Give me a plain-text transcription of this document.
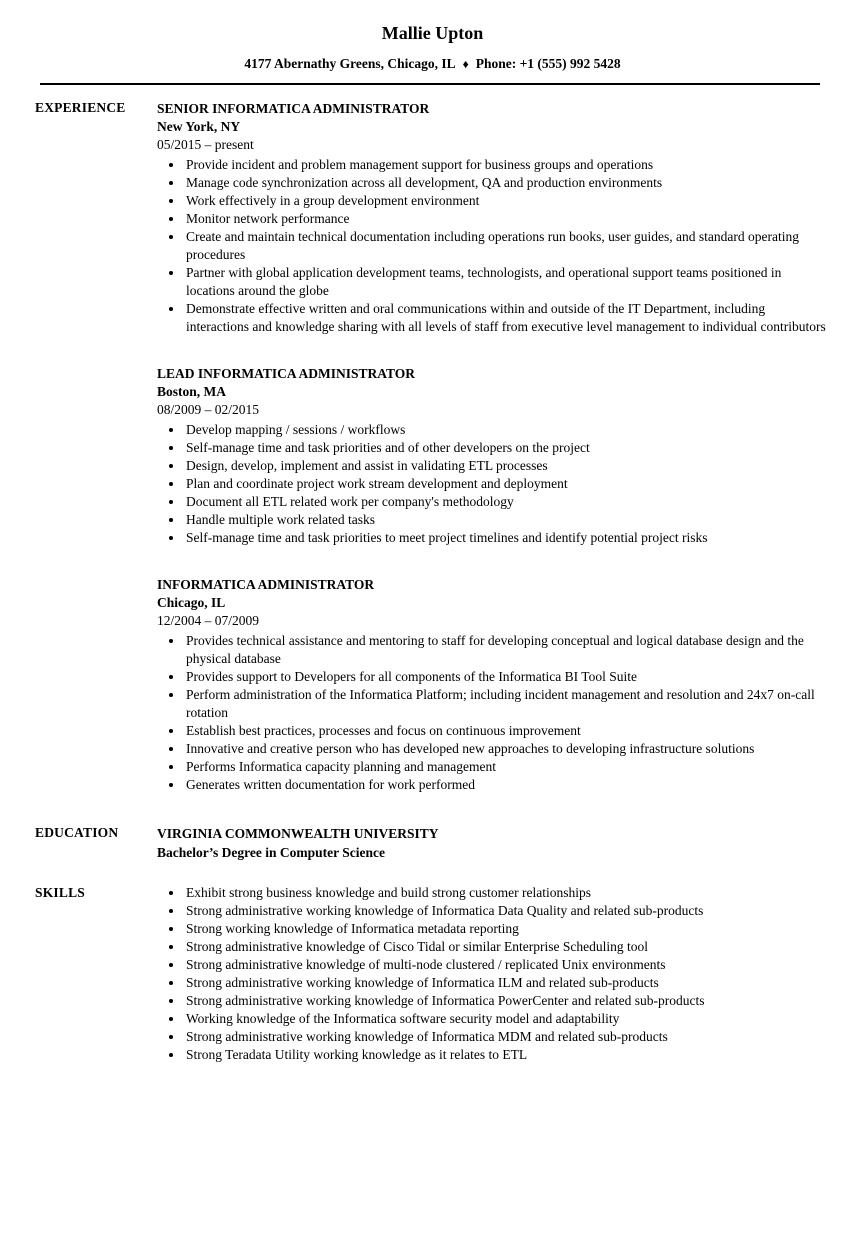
Mallie Upton
4177 Abernathy Greens, Chicago, IL ♦ Phone: +1 (555) 992 5428
EXPERIENCE	SENIOR INFORMATICA ADMINISTRATOR
New York, NY
05/2015 – present
• Provide incident and problem management support for business groups and operations
• Manage code synchronization across all development, QA and production environments
• Work effectively in a group development environment
• Monitor network performance
• Create and maintain technical documentation including operations run books, user guides, and standard operating procedures
• Partner with global application development teams, technologists, and operational support teams positioned in locations around the globe
• Demonstrate effective written and oral communications within and outside of the IT Department, including interactions and knowledge sharing with all levels of staff from executive level management to individual contributors
LEAD INFORMATICA ADMINISTRATOR
Boston, MA
08/2009 – 02/2015
• Develop mapping / sessions / workflows
• Self-manage time and task priorities and of other developers on the project
• Design, develop, implement and assist in validating ETL processes
• Plan and coordinate project work stream development and deployment
• Document all ETL related work per company's methodology
• Handle multiple work related tasks
• Self-manage time and task priorities to meet project timelines and identify potential project risks
INFORMATICA ADMINISTRATOR
Chicago, IL
12/2004 – 07/2009
• Provides technical assistance and mentoring to staff for developing conceptual and logical database design and the physical database
• Provides support to Developers for all components of the Informatica BI Tool Suite
• Perform administration of the Informatica Platform; including incident management and resolution and 24x7 on-call rotation
• Establish best practices, processes and focus on continuous improvement
• Innovative and creative person who has developed new approaches to developing infrastructure solutions
• Performs Informatica capacity planning and management
• Generates written documentation for work performed
EDUCATION	VIRGINIA COMMONWEALTH UNIVERSITY
Bachelor’s Degree in Computer Science
SKILLS	• Exhibit strong business knowledge and build strong customer relationships
• Strong administrative working knowledge of Informatica Data Quality and related sub-products
• Strong working knowledge of Informatica metadata reporting
• Strong administrative knowledge of Cisco Tidal or similar Enterprise Scheduling tool
• Strong administrative knowledge of multi-node clustered / replicated Unix environments
• Strong administrative working knowledge of Informatica ILM and related sub-products
• Strong administrative working knowledge of Informatica PowerCenter and related sub-products
• Working knowledge of the Informatica software security model and adaptability
• Strong administrative working knowledge of Informatica MDM and related sub-products
• Strong Teradata Utility working knowledge as it relates to ETL
